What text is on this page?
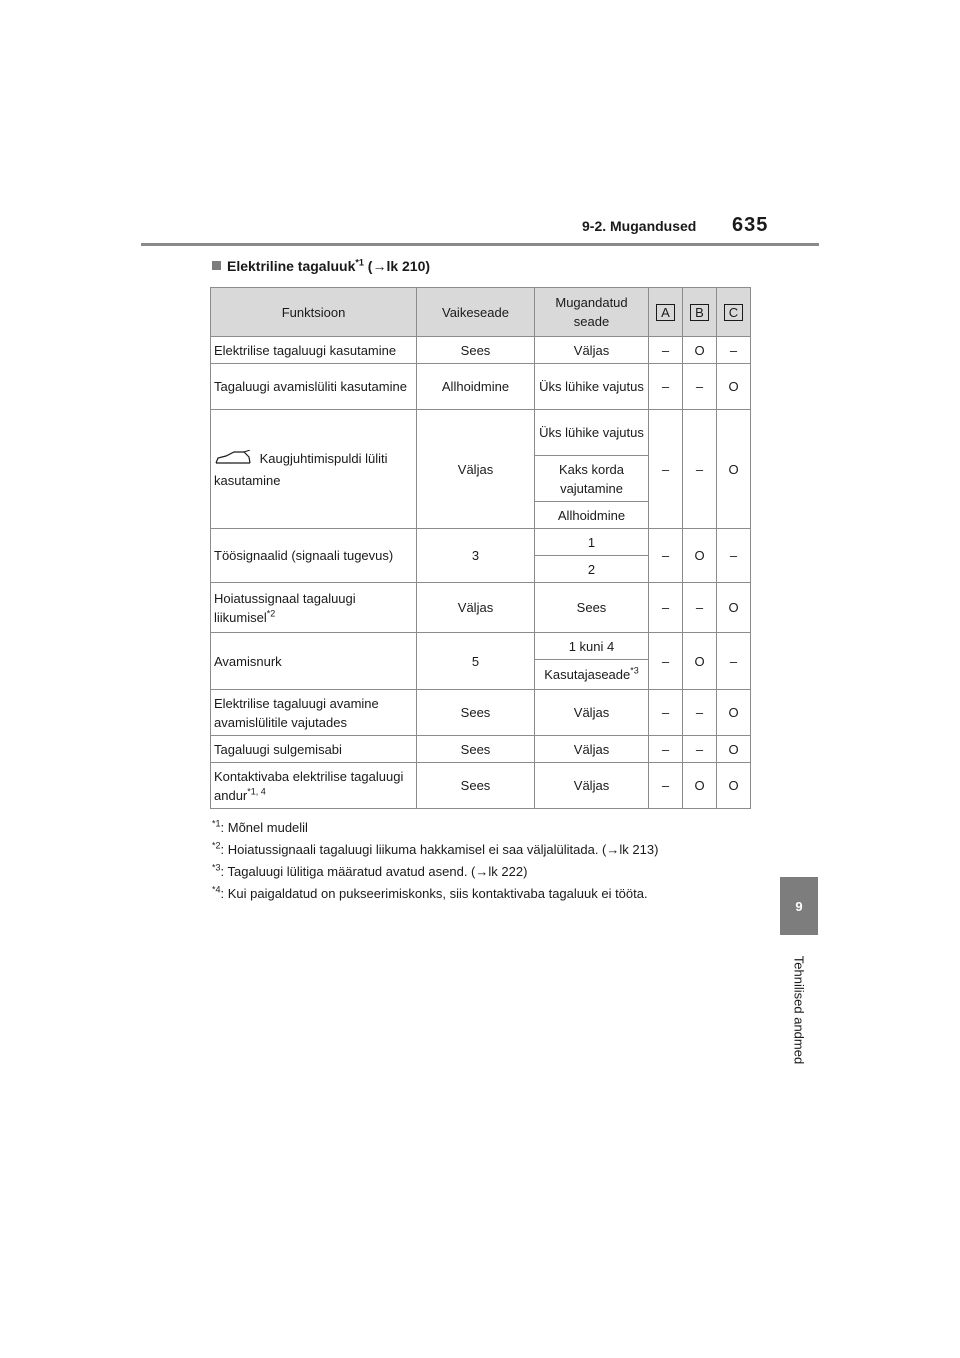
9-2. Mugandused 635
9
Tehnilised andmed
Elektriline tagaluuk$^{*1}$ (→lk 210)
Funktsioon	Vaikeseade	Mugandatud seade	A	B	C
Elektrilise tagaluugi kasutamine	Sees	Väljas	–	O	–
Tagaluugi avamislüliti kasutamine	Allhoidmine	Üks lühike vajutus	–	–	O
Kaugjuhtimispuldi lüliti kasutamine	Väljas	Üks lühike vajutus	–	–	O
		Kaks korda vajutamine			
		Allhoidmine			
Töösignaalid (signaali tugevus)	3	1	–	O	–
		2			
Hoiatussignaal tagaluugi liikumisel$^{*2}$	Väljas	Sees	–	–	O
Avamisnurk	5	1 kuni 4	–	O	–
		Kasutajaseade$^{*3}$
Elektrilise tagaluugi avamine avamislülitile vajutades	Sees	Väljas	–	–	O
Tagaluugi sulgemisabi	Sees	Väljas	–	–	O
Kontaktivaba elektrilise tagaluugi andur$^{*1, 4}$	Sees	Väljas	–	O	O
$^{*1}$: Mõnel mudelil
$^{*2}$: Hoiatussignaali tagaluugi liikuma hakkamisel ei saa väljalülitada. (→lk 213)
$^{*3}$: Tagaluugi lülitiga määratud avatud asend. (→lk 222)
$^{*4}$: Kui paigaldatud on pukseerimiskonks, siis kontaktivaba tagaluuk ei tööta.
